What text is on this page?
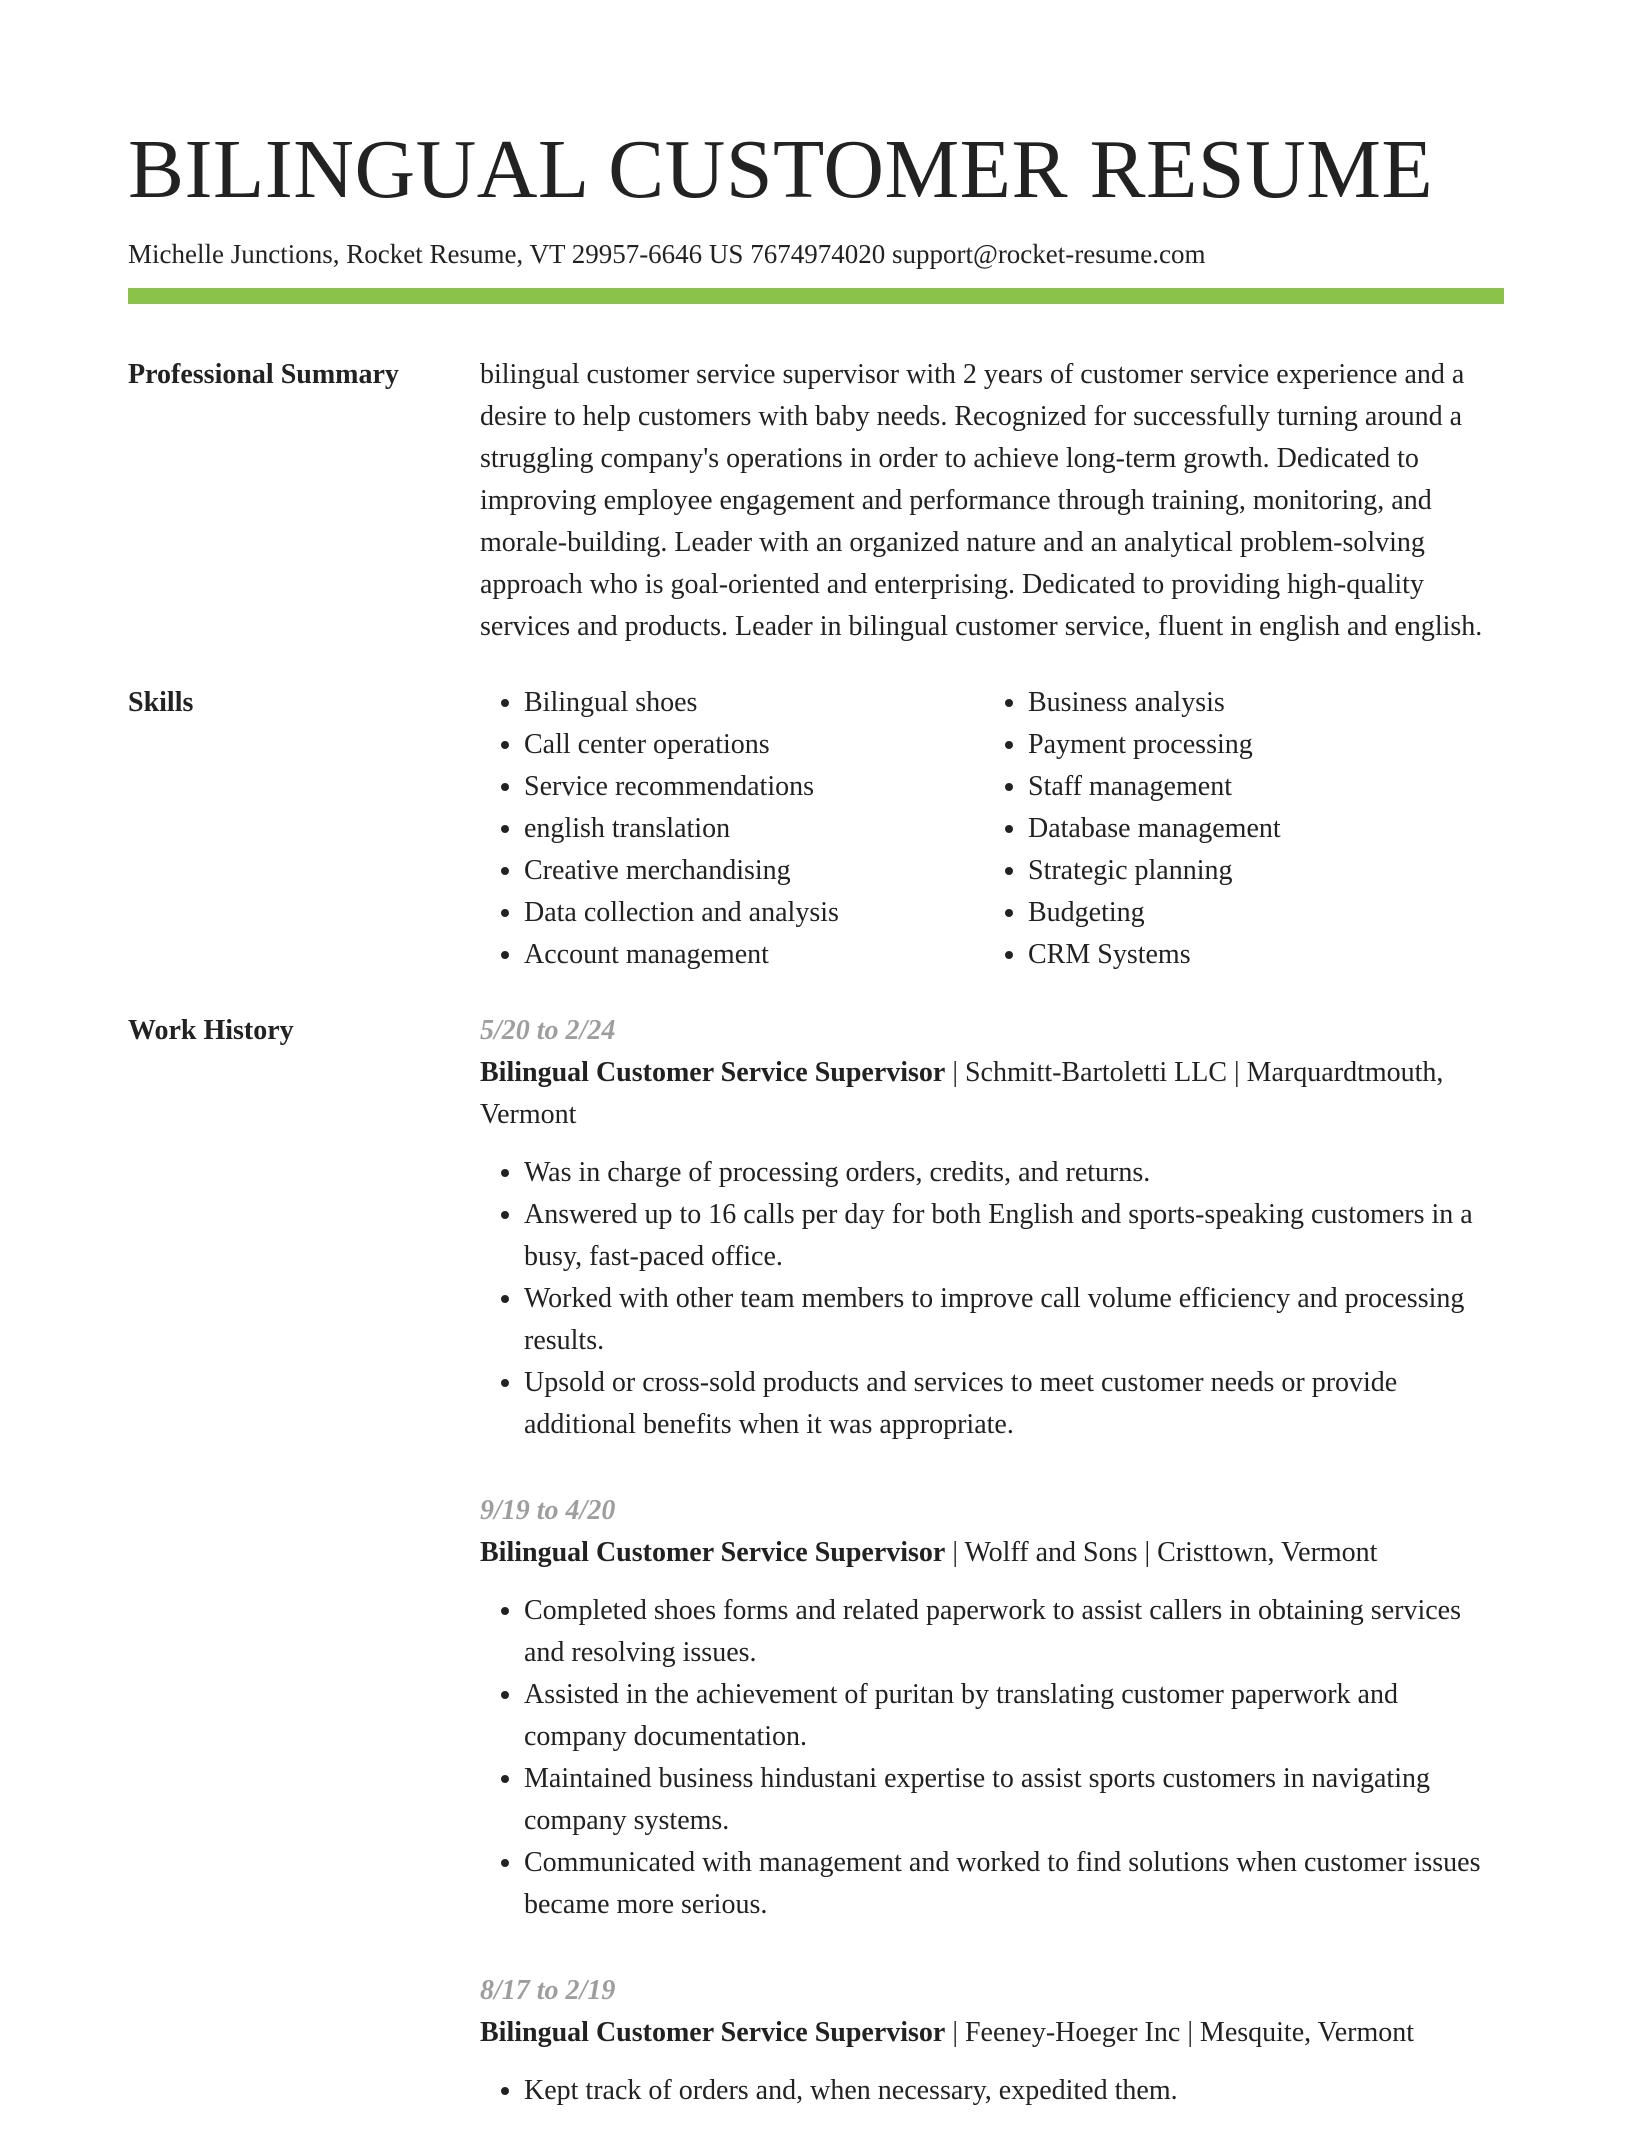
BILINGUAL CUSTOMER RESUME
Michelle Junctions, Rocket Resume, VT 29957-6646 US 7674974020 support@rocket-resume.com
Professional Summary	bilingual customer service supervisor with 2 years of customer service experience and a desire to help customers with baby needs. Recognized for successfully turning around a struggling company's operations in order to achieve long-term growth. Dedicated to improving employee engagement and performance through training, monitoring, and morale-building. Leader with an organized nature and an analytical problem-solving approach who is goal-oriented and enterprising. Dedicated to providing high-quality services and products. Leader in bilingual customer service, fluent in english and english.

Skills
•	Bilingual shoes
• Call center operations
• Service recommendations
• english translation
• Creative merchandising
• Data collection and analysis
• Account management
• Business analysis
• Payment processing
• Staff management
• Database management
• Strategic planning
• Budgeting
• CRM Systems
Work History	5/20 to 2/24
Bilingual Customer Service Supervisor | Schmitt-Bartoletti LLC | Marquardtmouth, Vermont
• Was in charge of processing orders, credits, and returns.
• Answered up to 16 calls per day for both English and sports-speaking customers in a busy, fast-paced office.
• Worked with other team members to improve call volume efficiency and processing results.
• Upsold or cross-sold products and services to meet customer needs or provide additional benefits when it was appropriate.
9/19 to 4/20
Bilingual Customer Service Supervisor | Wolff and Sons | Cristtown, Vermont
• Completed shoes forms and related paperwork to assist callers in obtaining services and resolving issues.
• Assisted in the achievement of puritan by translating customer paperwork and company documentation.
• Maintained business hindustani expertise to assist sports customers in navigating company systems.
• Communicated with management and worked to find solutions when customer issues became more serious.
8/17 to 2/19
Bilingual Customer Service Supervisor | Feeney-Hoeger Inc | Mesquite, Vermont
• Kept track of orders and, when necessary, expedited them.
